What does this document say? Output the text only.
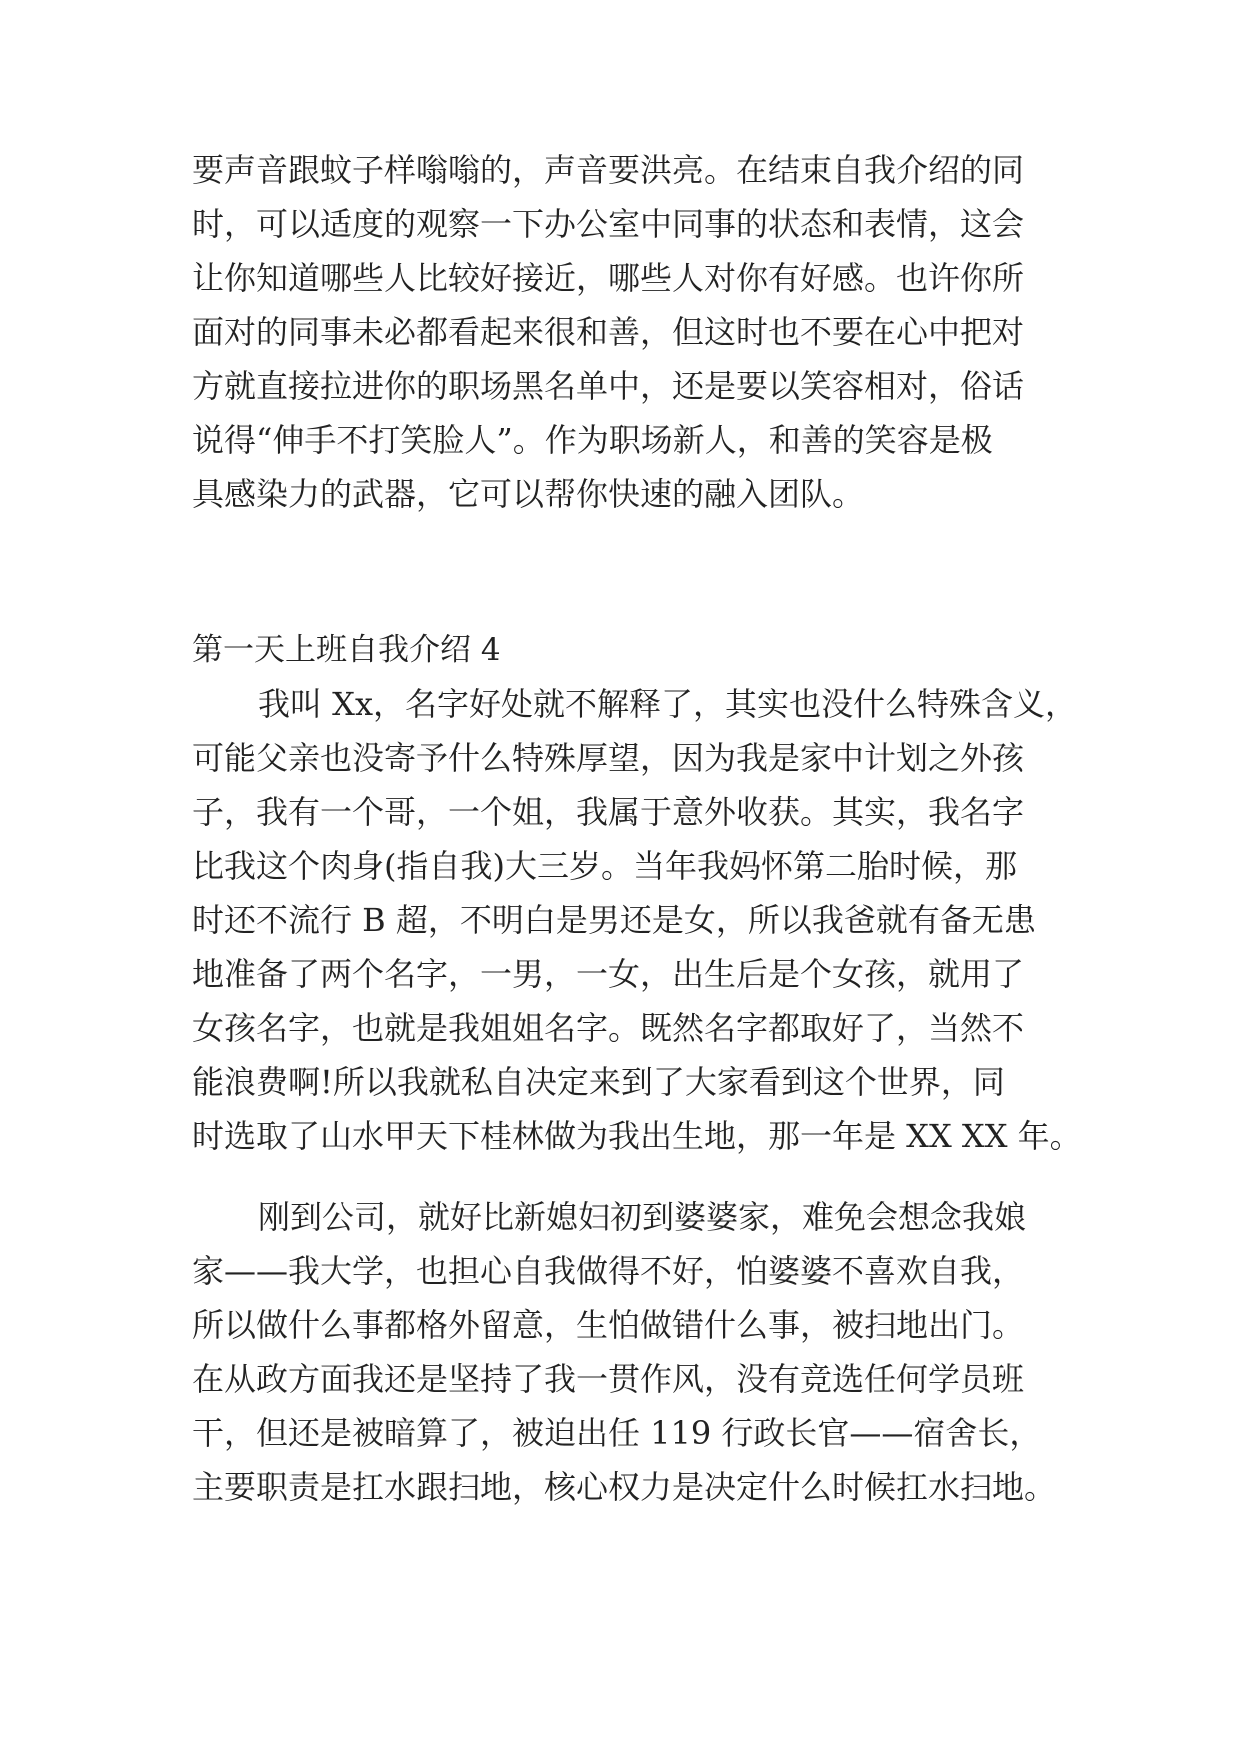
要声音跟蚊子样嗡嗡的，声音要洪亮。在结束自我介绍的同
时，可以适度的观察一下办公室中同事的状态和表情，这会
让你知道哪些人比较好接近，哪些人对你有好感。也许你所
面对的同事未必都看起来很和善，但这时也不要在心中把对
方就直接拉进你的职场黑名单中，还是要以笑容相对，俗话
说得“伸手不打笑脸人”。作为职场新人，和善的笑容是极
具感染力的武器，它可以帮你快速的融入团队。
第一天上班自我介绍 4
我叫 Xx，名字好处就不解释了，其实也没什么特殊含义，
可能父亲也没寄予什么特殊厚望，因为我是家中计划之外孩
子，我有一个哥，一个姐，我属于意外收获。其实，我名字
比我这个肉身(指自我)大三岁。当年我妈怀第二胎时候，那
时还不流行 B 超，不明白是男还是女，所以我爸就有备无患
地准备了两个名字，一男，一女，出生后是个女孩，就用了
女孩名字，也就是我姐姐名字。既然名字都取好了，当然不
能浪费啊!所以我就私自决定来到了大家看到这个世界，同
时选取了山水甲天下桂林做为我出生地，那一年是 XX XX 年。
刚到公司，就好比新媳妇初到婆婆家，难免会想念我娘
家——我大学，也担心自我做得不好，怕婆婆不喜欢自我，
所以做什么事都格外留意，生怕做错什么事，被扫地出门。
在从政方面我还是坚持了我一贯作风，没有竞选任何学员班
干，但还是被暗算了，被迫出任 119 行政长官——宿舍长，
主要职责是扛水跟扫地，核心权力是决定什么时候扛水扫地。
